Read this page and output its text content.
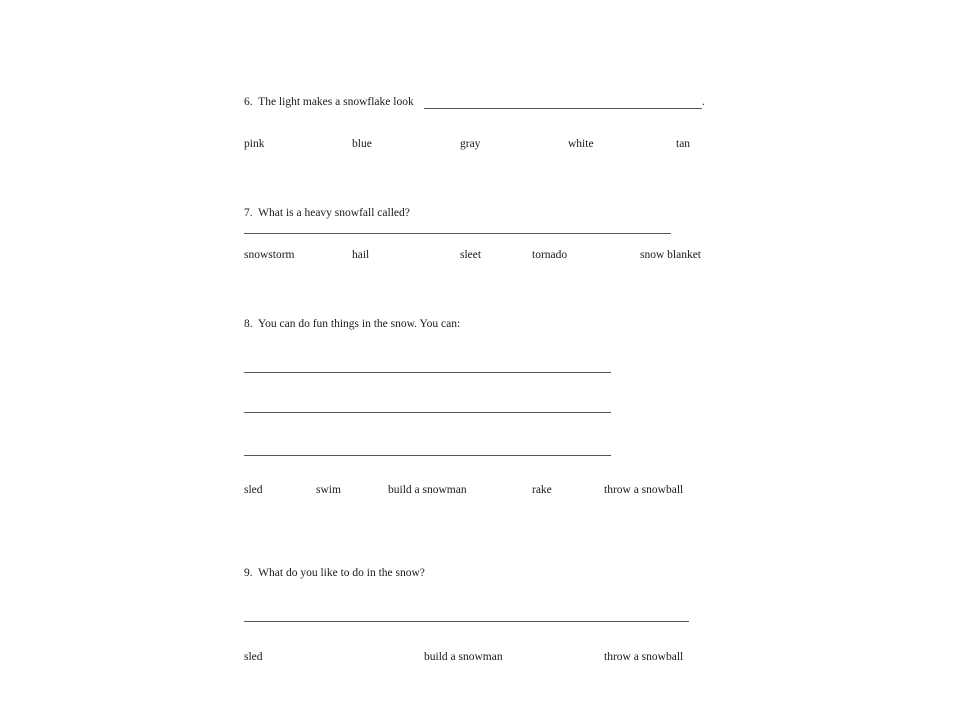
6. The light makes a snowflake look	.
pink	blue	gray	white	tan
7. What is a heavy snowfall called?
snowstorm	hail	sleet	tornado	snow blanket
8. You can do fun things in the snow. You can:
sled	swim	build a snowman	rake	throw a snowball
9. What do you like to do in the snow?
sled	build a snowman	throw a snowball
